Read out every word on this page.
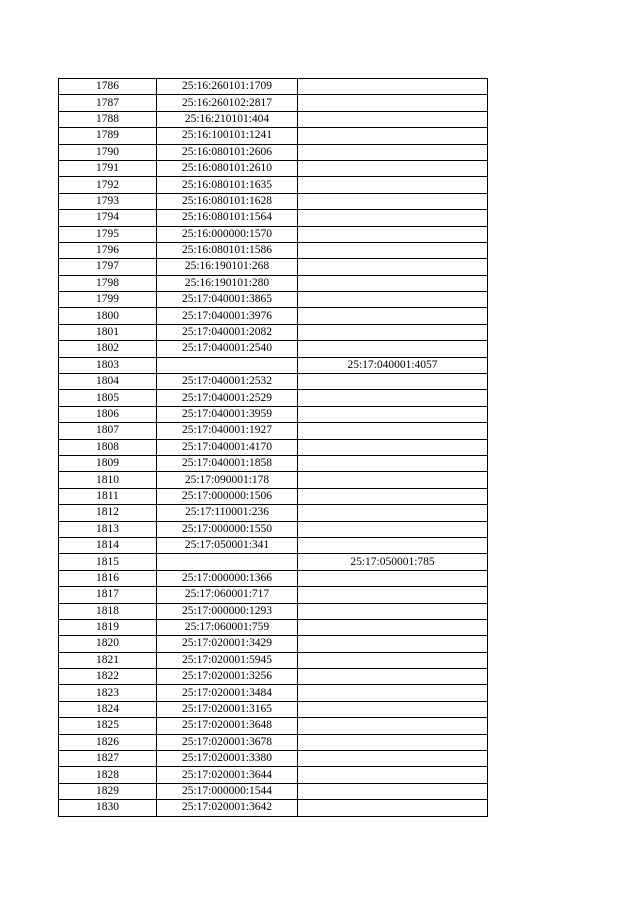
1786	25:16:260101:1709	
1787	25:16:260102:2817	
1788	25:16:210101:404	
1789	25:16:100101:1241	
1790	25:16:080101:2606	
1791	25:16:080101:2610	
1792	25:16:080101:1635	
1793	25:16:080101:1628	
1794	25:16:080101:1564	
1795	25:16:000000:1570	
1796	25:16:080101:1586	
1797	25:16:190101:268	
1798	25:16:190101:280	
1799	25:17:040001:3865	
1800	25:17:040001:3976	
1801	25:17:040001:2082	
1802	25:17:040001:2540	
1803		25:17:040001:4057
1804	25:17:040001:2532	
1805	25:17:040001:2529	
1806	25:17:040001:3959	
1807	25:17:040001:1927	
1808	25:17:040001:4170	
1809	25:17:040001:1858	
1810	25:17:090001:178	
1811	25:17:000000:1506	
1812	25:17:110001:236	
1813	25:17:000000:1550	
1814	25:17:050001:341	
1815		25:17:050001:785
1816	25:17:000000:1366	
1817	25:17:060001:717	
1818	25:17:000000:1293	
1819	25:17:060001:759	
1820	25:17:020001:3429	
1821	25:17:020001:5945	
1822	25:17:020001:3256	
1823	25:17:020001:3484	
1824	25:17:020001:3165	
1825	25:17:020001:3648	
1826	25:17:020001:3678	
1827	25:17:020001:3380	
1828	25:17:020001:3644	
1829	25:17:000000:1544	
1830	25:17:020001:3642	
